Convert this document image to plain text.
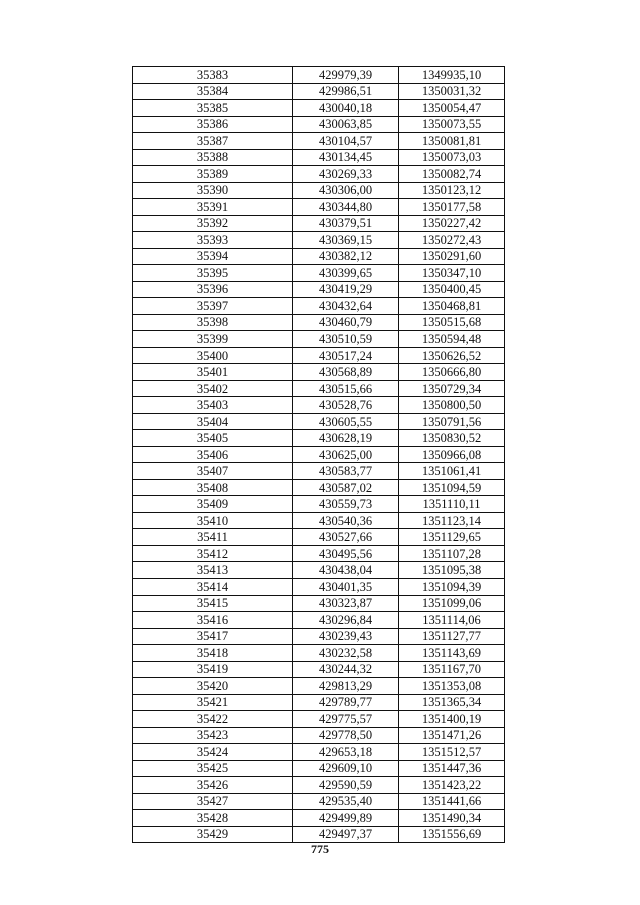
35383	429979,39	1349935,10
35384	429986,51	1350031,32
35385	430040,18	1350054,47
35386	430063,85	1350073,55
35387	430104,57	1350081,81
35388	430134,45	1350073,03
35389	430269,33	1350082,74
35390	430306,00	1350123,12
35391	430344,80	1350177,58
35392	430379,51	1350227,42
35393	430369,15	1350272,43
35394	430382,12	1350291,60
35395	430399,65	1350347,10
35396	430419,29	1350400,45
35397	430432,64	1350468,81
35398	430460,79	1350515,68
35399	430510,59	1350594,48
35400	430517,24	1350626,52
35401	430568,89	1350666,80
35402	430515,66	1350729,34
35403	430528,76	1350800,50
35404	430605,55	1350791,56
35405	430628,19	1350830,52
35406	430625,00	1350966,08
35407	430583,77	1351061,41
35408	430587,02	1351094,59
35409	430559,73	1351110,11
35410	430540,36	1351123,14
35411	430527,66	1351129,65
35412	430495,56	1351107,28
35413	430438,04	1351095,38
35414	430401,35	1351094,39
35415	430323,87	1351099,06
35416	430296,84	1351114,06
35417	430239,43	1351127,77
35418	430232,58	1351143,69
35419	430244,32	1351167,70
35420	429813,29	1351353,08
35421	429789,77	1351365,34
35422	429775,57	1351400,19
35423	429778,50	1351471,26
35424	429653,18	1351512,57
35425	429609,10	1351447,36
35426	429590,59	1351423,22
35427	429535,40	1351441,66
35428	429499,89	1351490,34
35429	429497,37	1351556,69
775
